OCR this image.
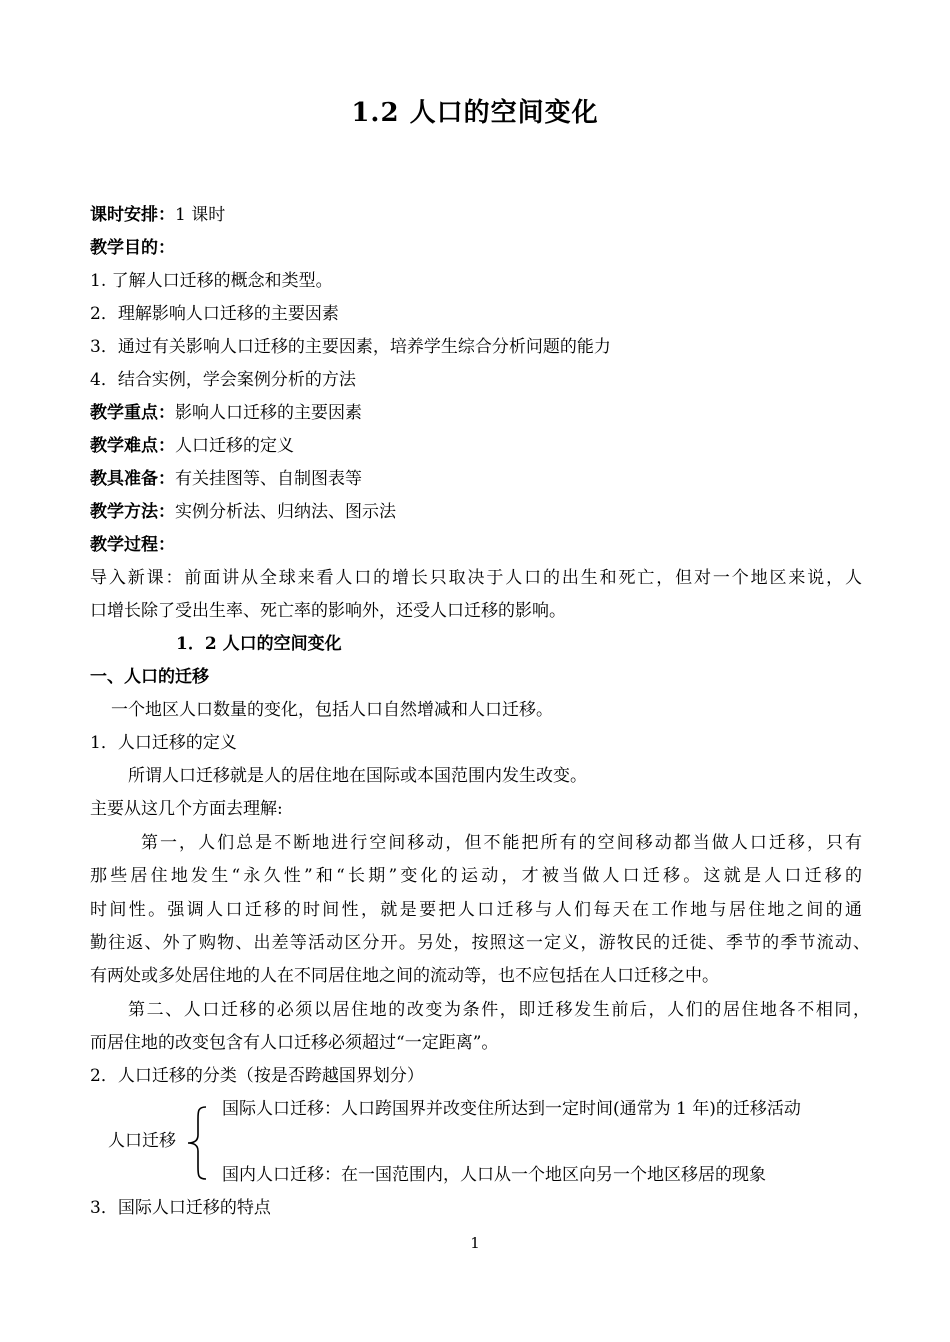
1.2 人口的空间变化
课时安排：1 课时
教学目的：
1. 了解人口迁移的概念和类型。
2．理解影响人口迁移的主要因素
3．通过有关影响人口迁移的主要因素，培养学生综合分析问题的能力
4．结合实例，学会案例分析的方法
教学重点：影响人口迁移的主要因素
教学难点：人口迁移的定义
教具准备：有关挂图等、自制图表等
教学方法：实例分析法、归纳法、图示法
教学过程：
导入新课：前面讲从全球来看人口的增长只取决于人口的出生和死亡，但对一个地区来说，人
口增长除了受出生率、死亡率的影响外，还受人口迁移的影响。
1．2 人口的空间变化
一、人口的迁移
一个地区人口数量的变化，包括人口自然增减和人口迁移。
1．人口迁移的定义
所谓人口迁移就是人的居住地在国际或本国范围内发生改变。
主要从这几个方面去理解:
第一，人们总是不断地进行空间移动，但不能把所有的空间移动都当做人口迁移，只有
那些居住地发生“永久性”和“长期”变化的运动，才被当做人口迁移。这就是人口迁移的
时间性。强调人口迁移的时间性，就是要把人口迁移与人们每天在工作地与居住地之间的通
勤往返、外了购物、出差等活动区分开。另处，按照这一定义，游牧民的迁徙、季节的季节流动、
有两处或多处居住地的人在不同居住地之间的流动等，也不应包括在人口迁移之中。
第二、人口迁移的必须以居住地的改变为条件，即迁移发生前后，人们的居住地各不相同，
而居住地的改变包含有人口迁移必须超过“一定距离”。
2．人口迁移的分类（按是否跨越国界划分）
国际人口迁移：人口跨国界并改变住所达到一定时间(通常为 1 年)的迁移活动
人口迁移
国内人口迁移：在一国范围内，人口从一个地区向另一个地区移居的现象
3．国际人口迁移的特点
1
